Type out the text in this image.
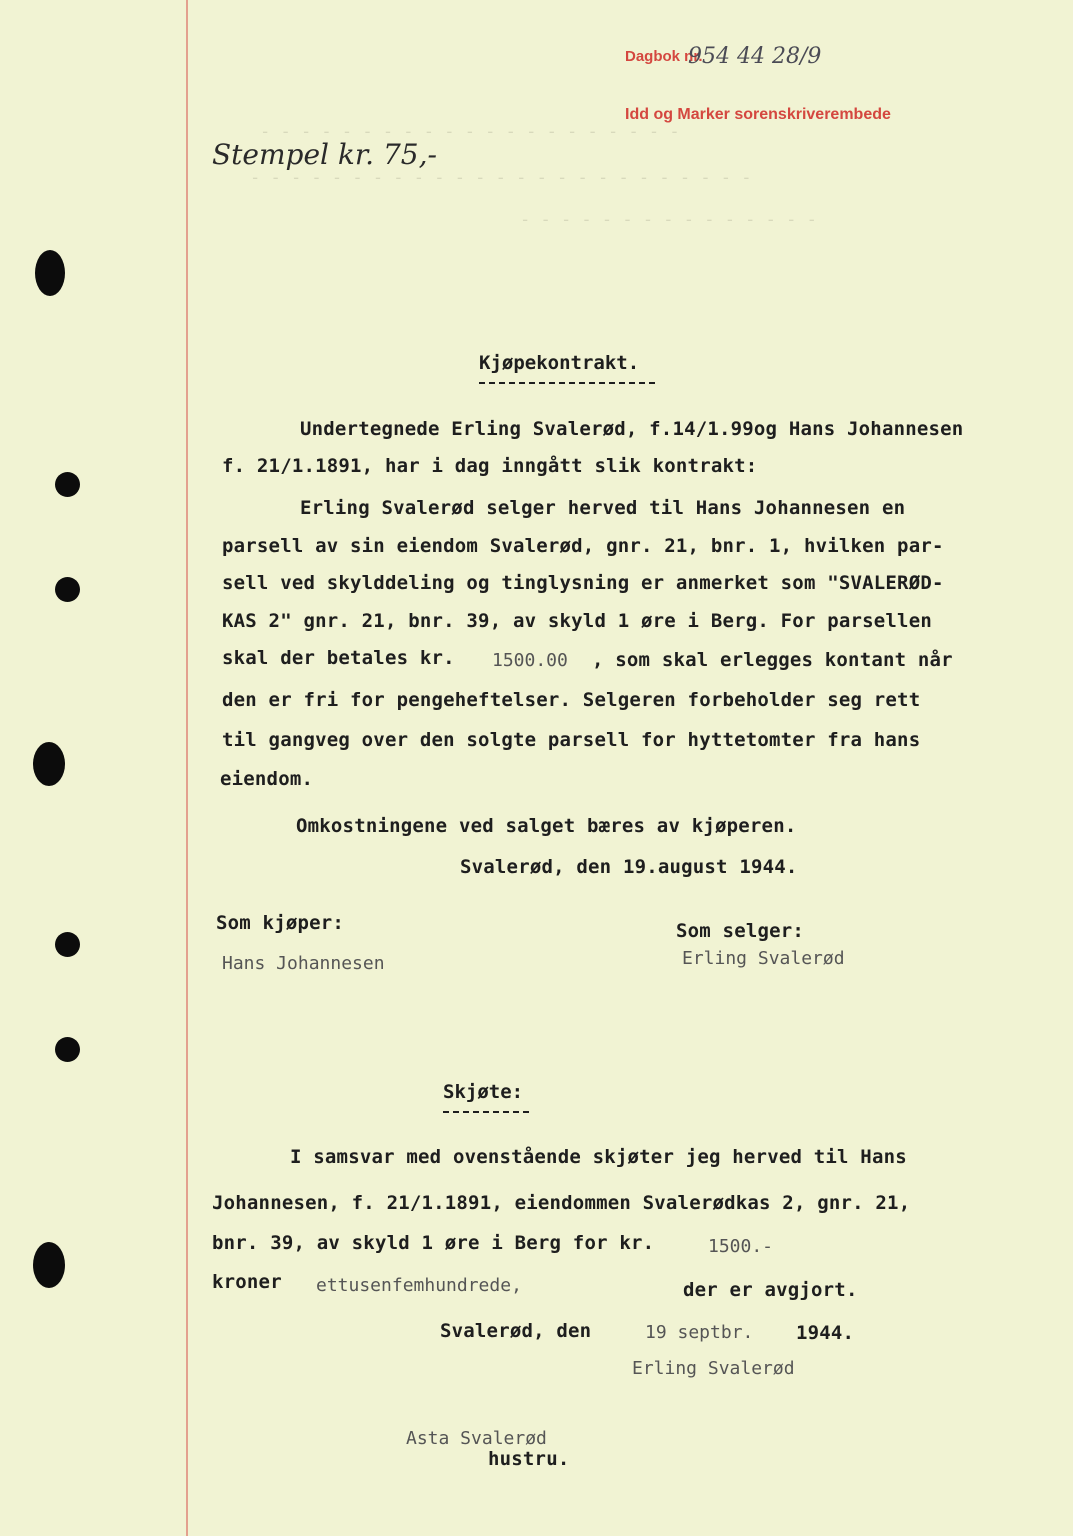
- - - - - - - - - - - - - - - - - - - - -
- - - - - - - - - - - - - - - - - - - - - - - - -
- - - - - - - - - - - - - - -
Dagbok nr.
954 44 28/9
Idd og Marker sorenskriverembede
Stempel kr. 75,-
Kjøpekontrakt.
Undertegnede Erling Svalerød, f.14/1.99og Hans Johannesen
f. 21/1.1891, har i dag inngått slik kontrakt:
Erling Svalerød selger herved til Hans Johannesen en
parsell av sin eiendom Svalerød, gnr. 21, bnr. 1, hvilken par-
sell ved skylddeling og tinglysning er anmerket som "SVALERØD-
KAS 2" gnr. 21, bnr. 39, av skyld 1 øre i Berg. For parsellen
skal der betales kr. 1500.00 , som skal erlegges kontant når
den er fri for pengeheftelser. Selgeren forbeholder seg rett
til gangveg over den solgte parsell for hyttetomter fra hans
eiendom.
Omkostningene ved salget bæres av kjøperen.
Svalerød, den 19.august 1944.
Som kjøper:
Hans Johannesen
Som selger:
Erling Svalerød
Skjøte:
I samsvar med ovenstående skjøter jeg herved til Hans
Johannesen, f. 21/1.1891, eiendommen Svalerødkas 2, gnr. 21,
bnr. 39, av skyld 1 øre i Berg for kr.	1500.-
kroner ettusenfemhundrede,	der er avgjort.
Svalerød, den	19 septbr. 1944.
Erling Svalerød
Asta Svalerød
hustru.
